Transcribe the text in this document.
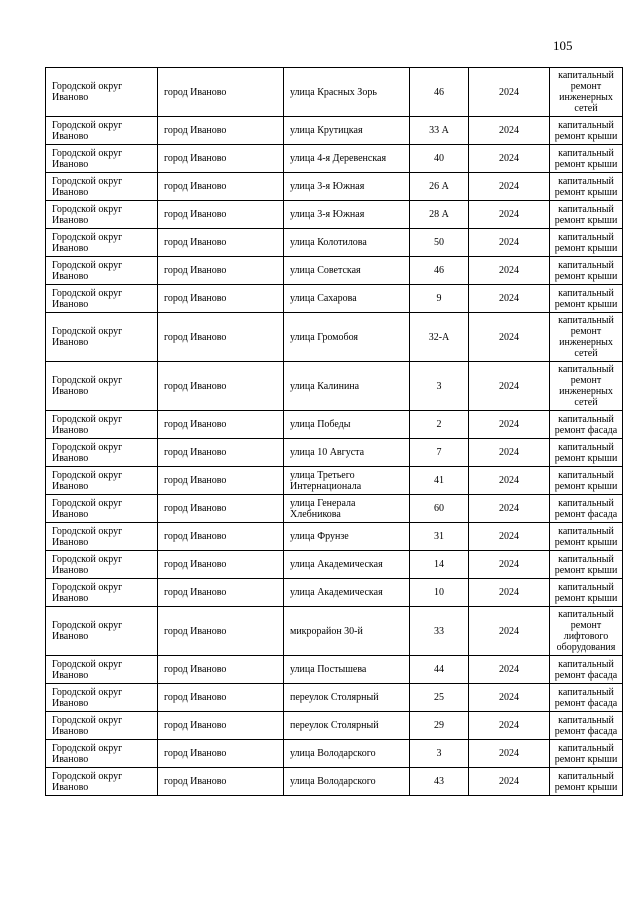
105
Городской округ Иваново	город Иваново	улица Красных Зорь	46	2024	капитальный ремонт инженерных сетей
Городской округ Иваново	город Иваново	улица Крутицкая	33 А	2024	капитальный ремонт крыши
Городской округ Иваново	город Иваново	улица 4-я Деревенская	40	2024	капитальный ремонт крыши
Городской округ Иваново	город Иваново	улица 3-я Южная	26 А	2024	капитальный ремонт крыши
Городской округ Иваново	город Иваново	улица 3-я Южная	28 А	2024	капитальный ремонт крыши
Городской округ Иваново	город Иваново	улица Колотилова	50	2024	капитальный ремонт крыши
Городской округ Иваново	город Иваново	улица Советская	46	2024	капитальный ремонт крыши
Городской округ Иваново	город Иваново	улица Сахарова	9	2024	капитальный ремонт крыши
Городской округ Иваново	город Иваново	улица Громобоя	32-А	2024	капитальный ремонт инженерных сетей
Городской округ Иваново	город Иваново	улица Калинина	3	2024	капитальный ремонт инженерных сетей
Городской округ Иваново	город Иваново	улица Победы	2	2024	капитальный ремонт фасада
Городской округ Иваново	город Иваново	улица 10 Августа	7	2024	капитальный ремонт крыши
Городской округ Иваново	город Иваново	улица Третьего Интернационала	41	2024	капитальный ремонт крыши
Городской округ Иваново	город Иваново	улица Генерала Хлебникова	60	2024	капитальный ремонт фасада
Городской округ Иваново	город Иваново	улица Фрунзе	31	2024	капитальный ремонт крыши
Городской округ Иваново	город Иваново	улица Академическая	14	2024	капитальный ремонт крыши
Городской округ Иваново	город Иваново	улица Академическая	10	2024	капитальный ремонт крыши
Городской округ Иваново	город Иваново	микрорайон 30-й	33	2024	капитальный ремонт лифтового оборудования
Городской округ Иваново	город Иваново	улица Постышева	44	2024	капитальный ремонт фасада
Городской округ Иваново	город Иваново	переулок Столярный	25	2024	капитальный ремонт фасада
Городской округ Иваново	город Иваново	переулок Столярный	29	2024	капитальный ремонт фасада
Городской округ Иваново	город Иваново	улица Володарского	3	2024	капитальный ремонт крыши
Городской округ Иваново	город Иваново	улица Володарского	43	2024	капитальный ремонт крыши
